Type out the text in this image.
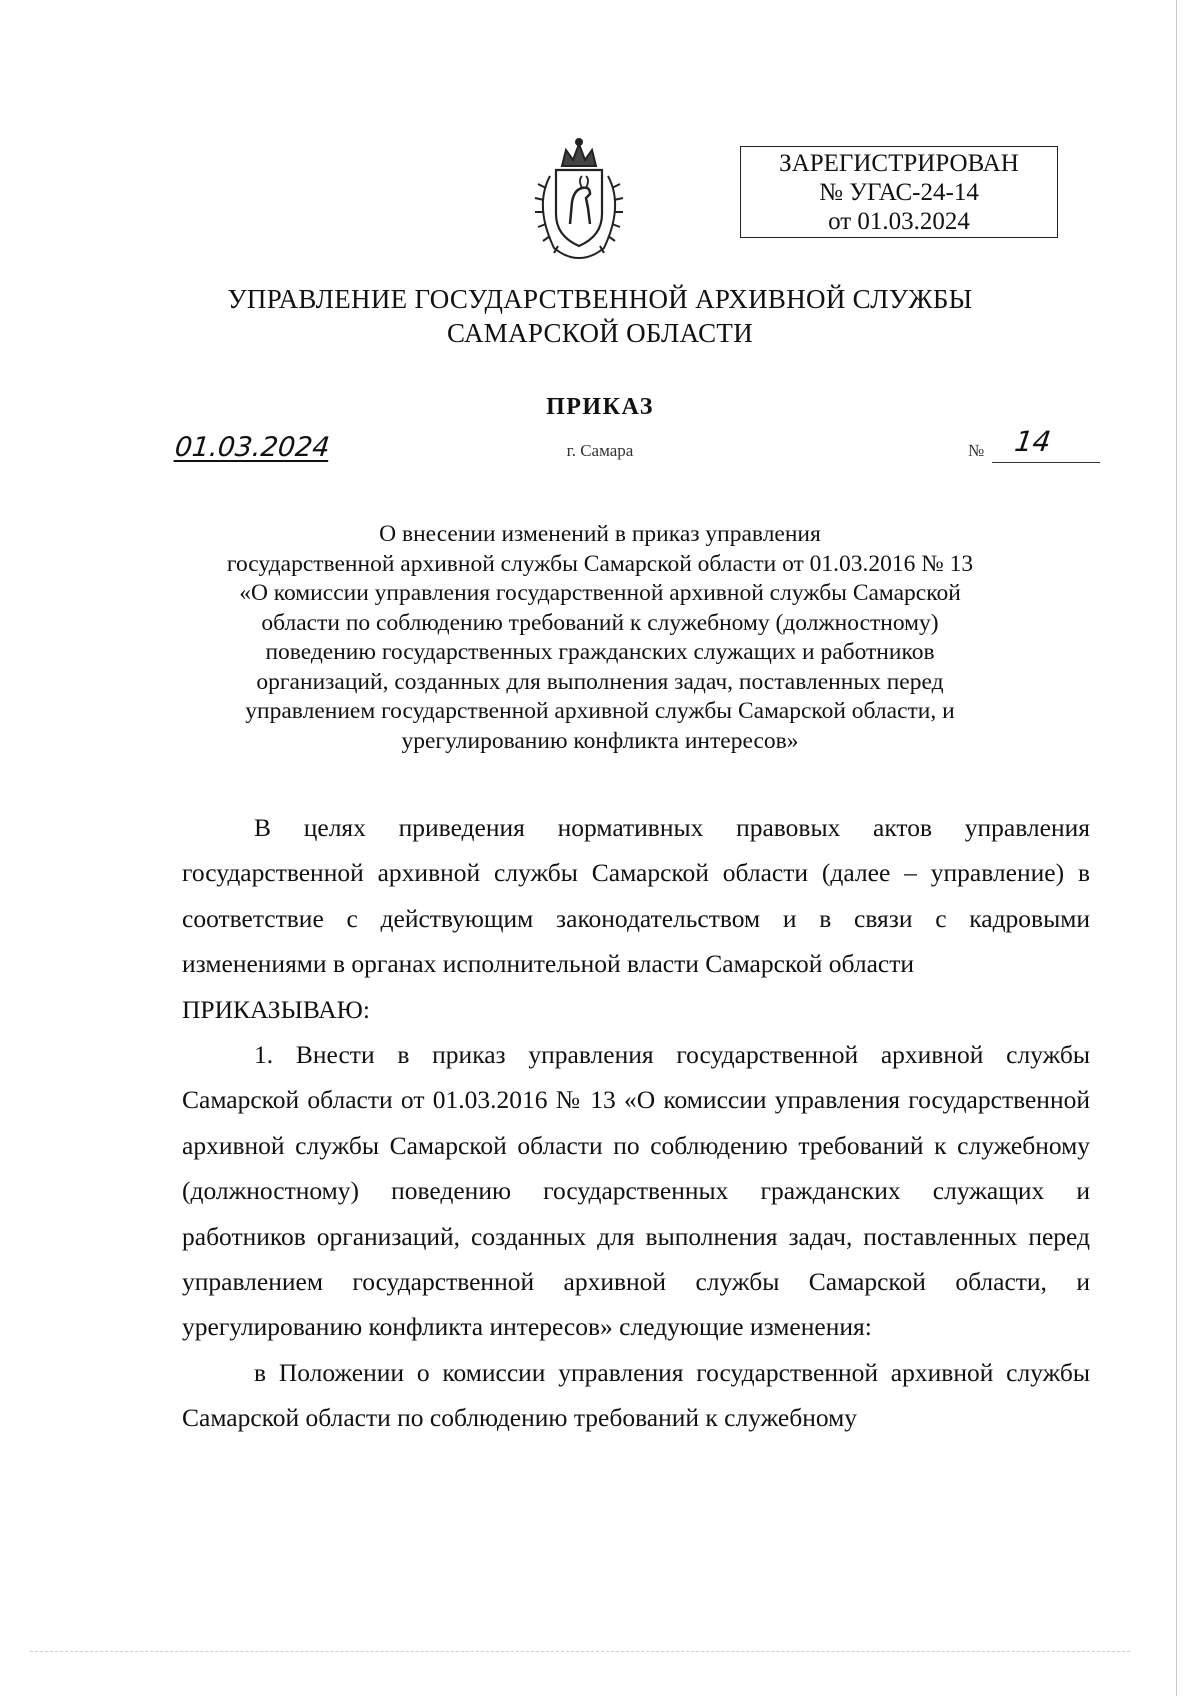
ЗАРЕГИСТРИРОВАН
№ УГАС-24-14
от 01.03.2024
УПРАВЛЕНИЕ ГОСУДАРСТВЕННОЙ АРХИВНОЙ СЛУЖБЫ
САМАРСКОЙ ОБЛАСТИ
ПРИКАЗ
01.03.2024	г. Самара	№ 14
О внесении изменений в приказ управления
государственной архивной службы Самарской области от 01.03.2016 № 13
«О комиссии управления государственной архивной службы Самарской
области по соблюдению требований к служебному (должностному)
поведению государственных гражданских служащих и работников
организаций, созданных для выполнения задач, поставленных перед
управлением государственной архивной службы Самарской области, и
урегулированию конфликта интересов»

В целях приведения нормативных правовых актов управления государственной архивной службы Самарской области (далее – управление) в соответствие с действующим законодательством и в связи с кадровыми изменениями в органах исполнительной власти Самарской области

ПРИКАЗЫВАЮ:

1. Внести в приказ управления государственной архивной службы Самарской области от 01.03.2016 № 13 «О комиссии управления государственной архивной службы Самарской области по соблюдению требований к служебному (должностному) поведению государственных гражданских служащих и работников организаций, созданных для выполнения задач, поставленных перед управлением государственной архивной службы Самарской области, и урегулированию конфликта интересов» следующие изменения:

в Положении о комиссии управления государственной архивной службы Самарской области по соблюдению требований к служебному
